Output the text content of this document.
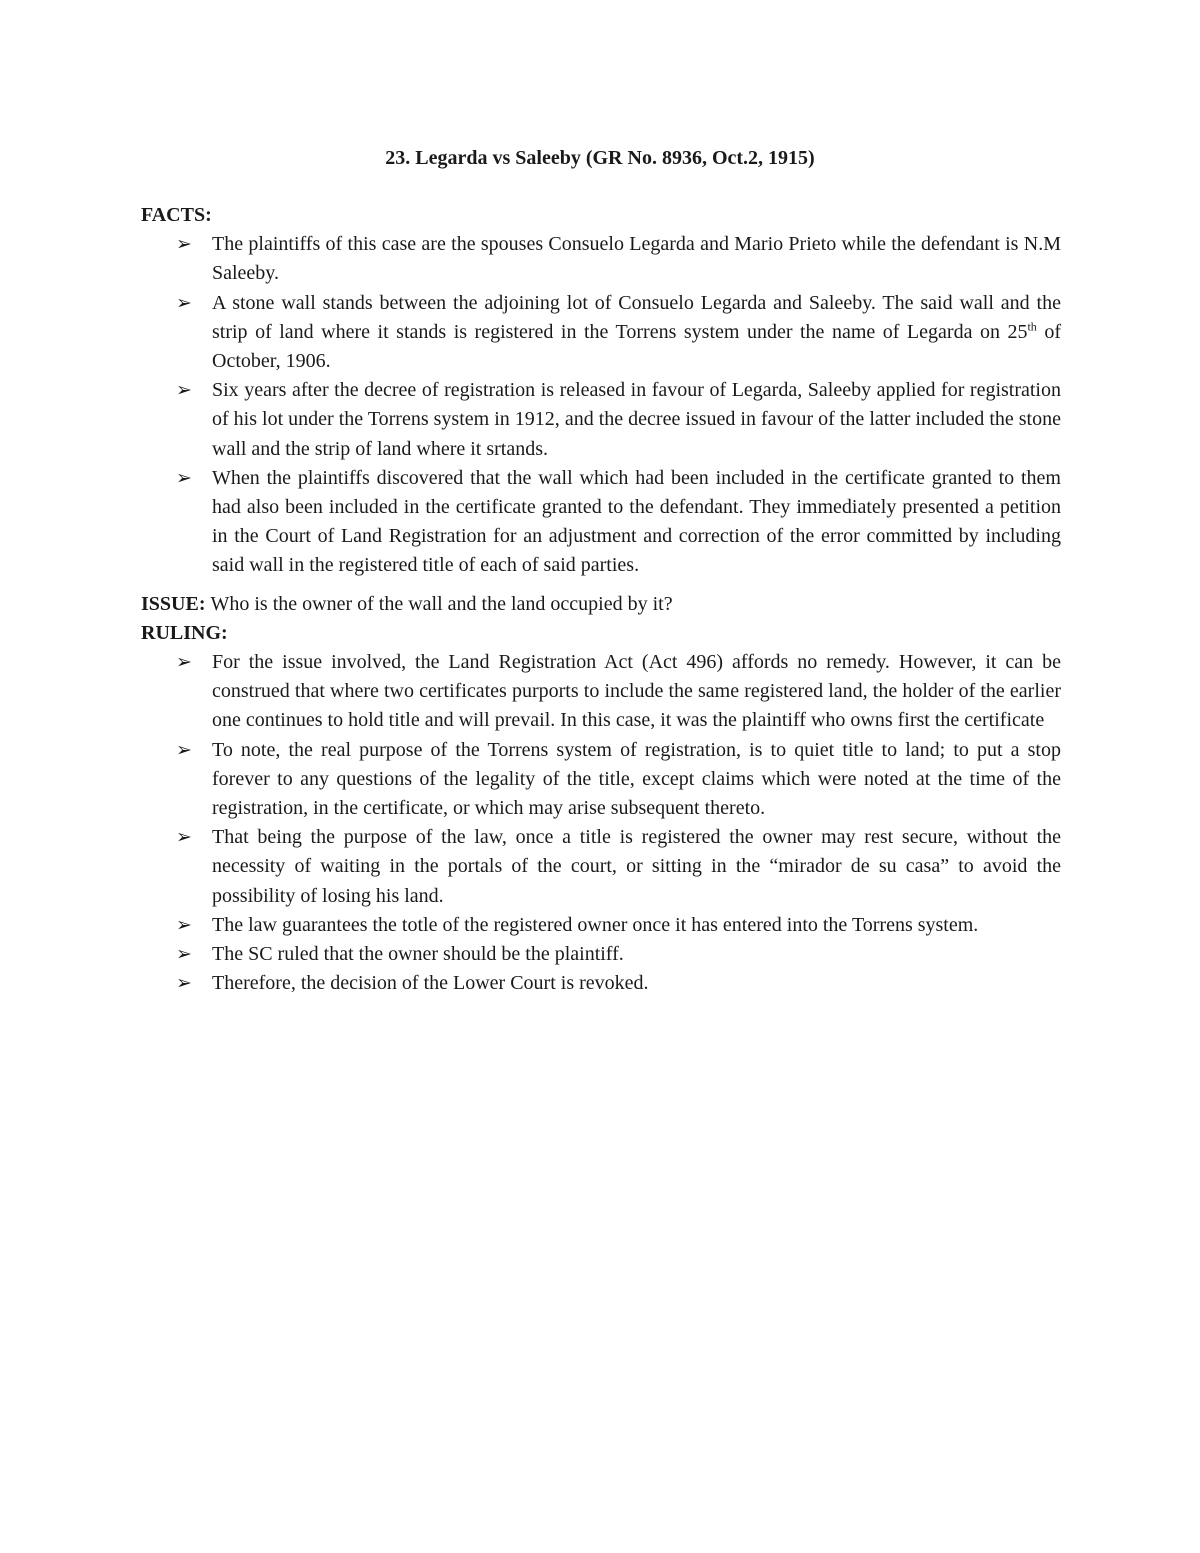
23. Legarda vs Saleeby (GR No. 8936, Oct.2, 1915)

FACTS:

➢ The plaintiffs of this case are the spouses Consuelo Legarda and Mario Prieto while the defendant is N.M Saleeby.
➢ A stone wall stands between the adjoining lot of Consuelo Legarda and Saleeby. The said wall and the strip of land where it stands is registered in the Torrens system under the name of Legarda on 25th of October, 1906.
➢ Six years after the decree of registration is released in favour of Legarda, Saleeby applied for registration of his lot under the Torrens system in 1912, and the decree issued in favour of the latter included the stone wall and the strip of land where it srtands.
➢ When the plaintiffs discovered that the wall which had been included in the certificate granted to them had also been included in the certificate granted to the defendant. They immediately presented a petition in the Court of Land Registration for an adjustment and correction of the error committed by including said wall in the registered title of each of said parties.

ISSUE: Who is the owner of the wall and the land occupied by it?

RULING:

➢ For the issue involved, the Land Registration Act (Act 496) affords no remedy. However, it can be construed that where two certificates purports to include the same registered land, the holder of the earlier one continues to hold title and will prevail. In this case, it was the plaintiff who owns first the certificate
➢ To note, the real purpose of the Torrens system of registration, is to quiet title to land; to put a stop forever to any questions of the legality of the title, except claims which were noted at the time of the registration, in the certificate, or which may arise subsequent thereto.
➢ That being the purpose of the law, once a title is registered the owner may rest secure, without the necessity of waiting in the portals of the court, or sitting in the “mirador de su casa” to avoid the possibility of losing his land.
➢ The law guarantees the totle of the registered owner once it has entered into the Torrens system.
➢ The SC ruled that the owner should be the plaintiff.
➢ Therefore, the decision of the Lower Court is revoked.
